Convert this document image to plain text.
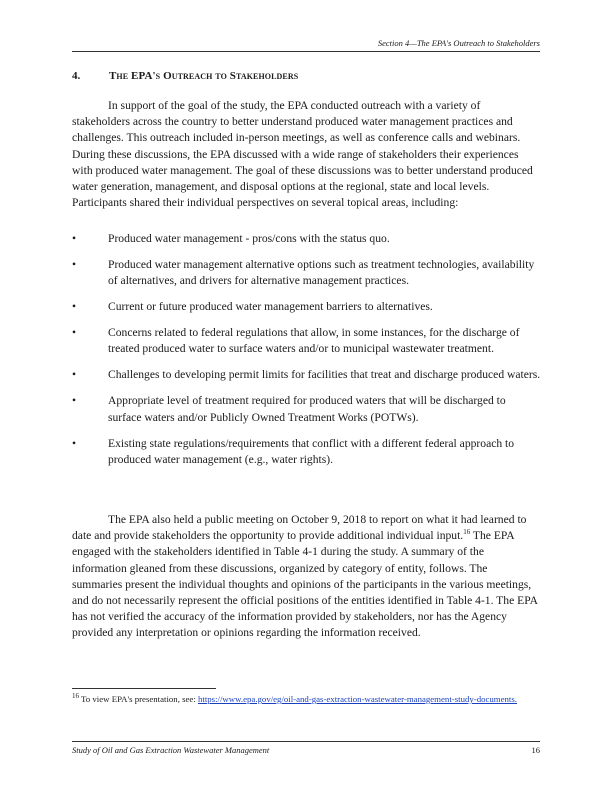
Section 4—The EPA's Outreach to Stakeholders
4.	The EPA's Outreach to Stakeholders

In support of the goal of the study, the EPA conducted outreach with a variety of stakeholders across the country to better understand produced water management practices and challenges. This outreach included in-person meetings, as well as conference calls and webinars. During these discussions, the EPA discussed with a wide range of stakeholders their experiences with produced water management. The goal of these discussions was to better understand produced water generation, management, and disposal options at the regional, state and local levels. Participants shared their individual perspectives on several topical areas, including:

•	Produced water management - pros/cons with the status quo.
•	Produced water management alternative options such as treatment technologies, availability of alternatives, and drivers for alternative management practices.
•	Current or future produced water management barriers to alternatives.
•	Concerns related to federal regulations that allow, in some instances, for the discharge of treated produced water to surface waters and/or to municipal wastewater treatment.
•	Challenges to developing permit limits for facilities that treat and discharge produced waters.
•	Appropriate level of treatment required for produced waters that will be discharged to surface waters and/or Publicly Owned Treatment Works (POTWs).
•	Existing state regulations/requirements that conflict with a different federal approach to produced water management (e.g., water rights).

The EPA also held a public meeting on October 9, 2018 to report on what it had learned to date and provide stakeholders the opportunity to provide additional individual input.$^{16}$ The EPA engaged with the stakeholders identified in Table 4-1 during the study. A summary of the information gleaned from these discussions, organized by category of entity, follows. The summaries present the individual thoughts and opinions of the participants in the various meetings, and do not necessarily represent the official positions of the entities identified in Table 4-1. The EPA has not verified the accuracy of the information provided by stakeholders, nor has the Agency provided any interpretation or opinions regarding the information received.

$^{16}$ To view EPA's presentation, see: https://www.epa.gov/eg/oil-and-gas-extraction-wastewater-management-study-documents.
Study of Oil and Gas Extraction Wastewater Management	16
